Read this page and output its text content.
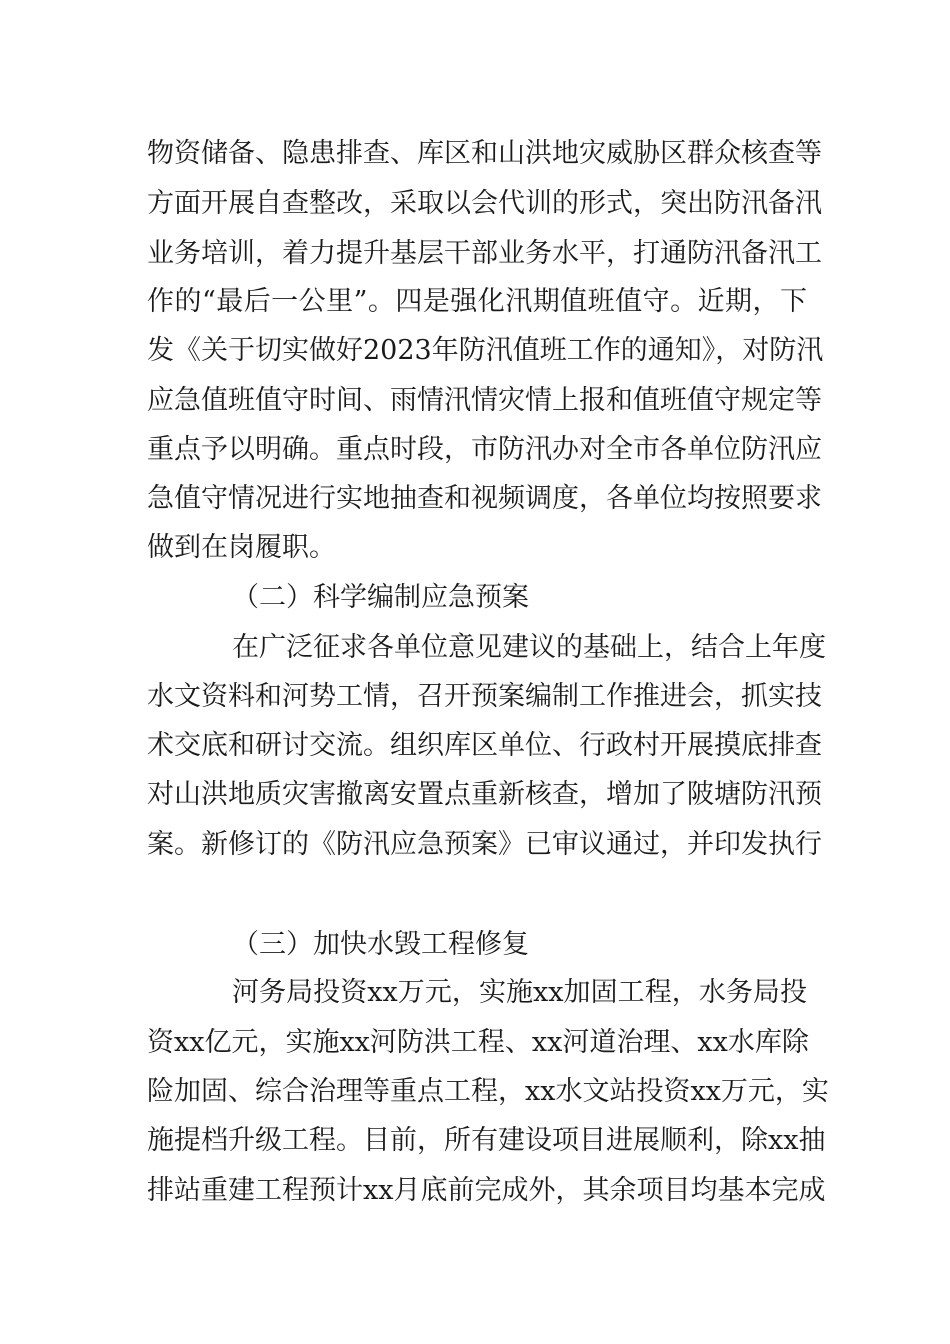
物资储备、隐患排查、库区和山洪地灾威胁区群众核查等
方面开展自查整改，采取以会代训的形式，突出防汛备汛
业务培训，着力提升基层干部业务水平，打通防汛备汛工
作的“最后一公里”。四是强化汛期值班值守。近期，下
发《关于切实做好2023年防汛值班工作的通知》，对防汛
应急值班值守时间、雨情汛情灾情上报和值班值守规定等
重点予以明确。重点时段，市防汛办对全市各单位防汛应
急值守情况进行实地抽查和视频调度，各单位均按照要求
做到在岗履职。
（二）科学编制应急预案
在广泛征求各单位意见建议的基础上，结合上年度
水文资料和河势工情，召开预案编制工作推进会，抓实技
术交底和研讨交流。组织库区单位、行政村开展摸底排查
对山洪地质灾害撤离安置点重新核查，增加了陂塘防汛预
案。新修订的《防汛应急预案》已审议通过，并印发执行
（三）加快水毁工程修复
河务局投资xx万元，实施xx加固工程，水务局投
资xx亿元，实施xx河防洪工程、xx河道治理、xx水库除
险加固、综合治理等重点工程，xx水文站投资xx万元，实
施提档升级工程。目前，所有建设项目进展顺利，除xx抽
排站重建工程预计xx月底前完成外，其余项目均基本完成
